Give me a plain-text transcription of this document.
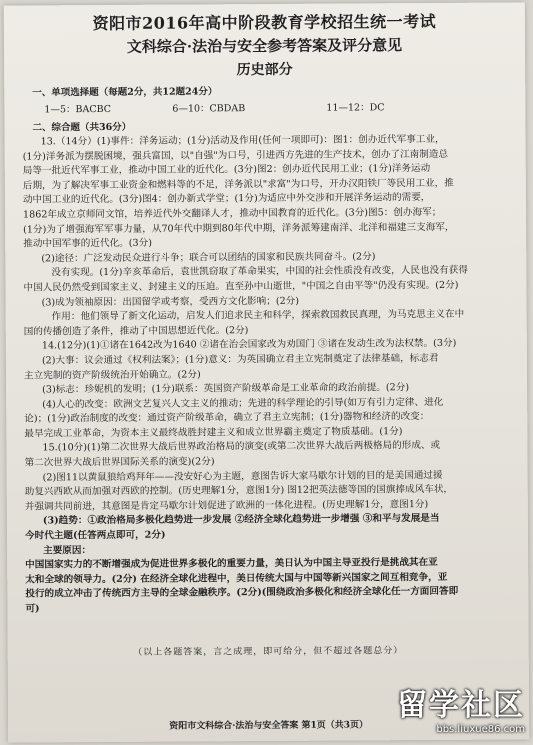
资阳市2016年高中阶段教育学校招生统一考试
文科综合·法治与安全参考答案及评分意见
历史部分
一、单项选择题（每题2分，共12题24分）
1—5：BACBC	6—10：CBDAB	11—12：DC
二、综合题（共36分）
13.（14分）(1)事件：洋务运动；(1分)活动及作用(任何一项即可)：图1：创办近代军事工业，
(1分)洋务派为摆脱困境，强兵富国，以"自强"为口号，引进西方先进的生产技术，创办了江南制造总
局等一批近代军事工业，推动中国工业的近代化。(3分)图2：创办近代民用工业；(1分)洋务运动
后期，为了解决军事工业资金和燃料等的不足，洋务派以"求富"为口号，开办汉阳铁厂等民用工业，推
动中国工业的近代化。(3分)图4：创办新式学堂；(1分)为适应中外交涉和开展洋务运动的需要，
1862年成立京师同文馆，培养近代外交翻译人才，推动中国教育的近代化。(3分)图5：创办海军；
(1分)为了增强海军军事力量，从70年代中期到80年代中期，洋务派筹建南洋、北洋和福建三支海军，
推动中国军事的近代化。(3分)
(2)途径：广泛发动民众进行斗争；联合可以团结的国家和民族共同奋斗。(2分)
没有实现。(1分)辛亥革命后，袁世凯窃取了革命果实，中国的社会性质没有改变，人民也没有获得
中国人民仍然受到国家主义、封建主义的压迫。直至孙中山逝世，"中国之自由平等"仍没有实现。(2分)
(3)成为领袖原因：出国留学或考察，受西方文化影响；(2分)
作用：他们领导了新文化运动，启发人们追求民主和科学，探索救国救民真理，为马克思主义在中
国的传播创造了条件，推动了中国思想近代化。(2分)
14.(12分)(1)①诸在1642改为1640 ②诸在治会国家改为劝国门 ③诸在发动生改为法权禁。(3分)
(2)大事：议会通过《权利法案》；(1分)意义：为英国确立君主立宪制奠定了法律基础，标志君
主立宪制的资产阶级统治开始确立。(2分)
(3)标志：珍妮机的发明；(1分)联系：英国资产阶级革命是工业革命的政治前提。(2分)
(4)人心的改变：欧洲文艺复兴人文主义的推动；先进的科学理论的引导(如万有引力定律、进化
论)；(1分)政治制度的改变：通过资产阶级革命，确立了君主立宪制；(1分)器物和经济的改变：
最早完成工业革命，为资本主义最终战胜封建主义和成立世界霸主奠定了物质基础。(1分)
15.(10分)(1)第二次世界大战后世界政治格局的演变(或第二次世界大战后两极格局的形成、或
第二次世界大战后世界国际关系的演变)(2分)
(2)图11以黄鼠狼给鸡拜年——没安好心为主题，意图告诉大家马歇尔计划的目的是美国通过援
助复兴西欧从而加强对西欧的控制。(历史理解1分，意图1分) 图12把英法德等国的国旗捧成风车状，
并强调共同前进，其意图是肯定马歇尔计划促进了欧洲的一体化进程。(历史理解1分，意图1分)
(3)趋势：①政治格局多极化趋势进一步发展 ②经济全球化趋势进一步增强 ③和平与发展是当
今时代主题(任答两点即可，2分)
主要原因：
中国国家实力的不断增强成为促进世界多极化的重要力量，美日认为中国主导亚投行是挑战其在亚
太和全球的领导力。(2分) 在经济全球化进程中，美日传统大国与中国等新兴国家之间互相竞争，亚
投行的成立冲击了传统西方主导的全球金融秩序。(2分)(围绕政治多极化和经济全球化任一方面回答即
可)
（以上各题答案，言之成理，即可给分，但不超过各题总分）
资阳市文科综合·法治与安全答案 第1页（共3页）
留学社区
bbs.liuxue86.com
